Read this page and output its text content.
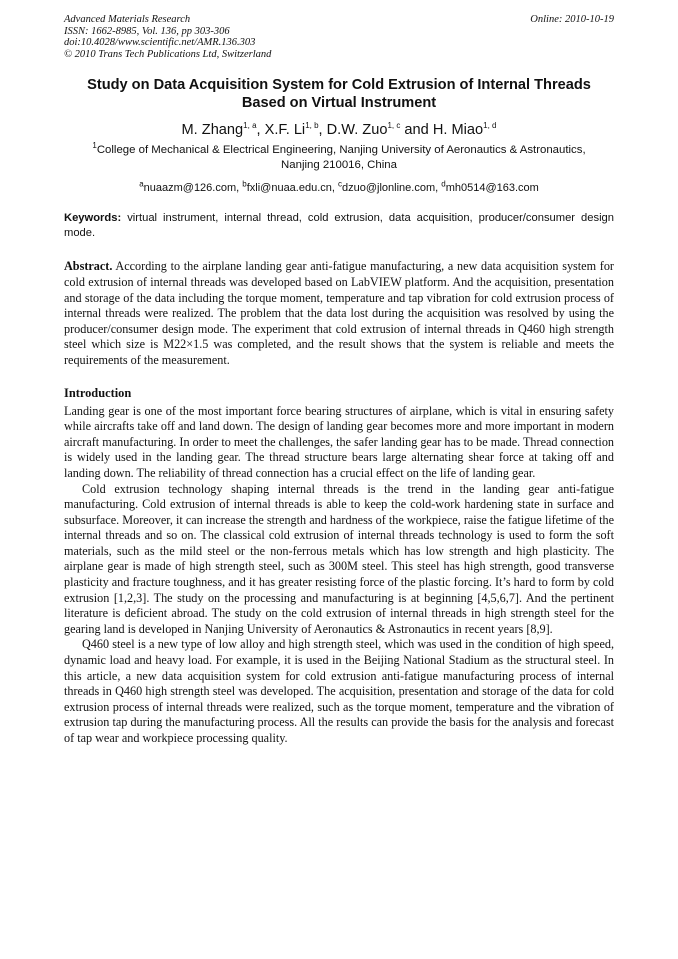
Advanced Materials Research
ISSN: 1662-8985, Vol. 136, pp 303-306
doi:10.4028/www.scientific.net/AMR.136.303
© 2010 Trans Tech Publications Ltd, Switzerland
Online: 2010-10-19
Study on Data Acquisition System for Cold Extrusion of Internal Threads Based on Virtual Instrument
M. Zhang$^{1, a}$, X.F. Li$^{1, b}$, D.W. Zuo$^{1, c}$ and H. Miao$^{1, d}$
$^1$College of Mechanical & Electrical Engineering, Nanjing University of Aeronautics & Astronautics,
Nanjing 210016, China
$^a$nuaazm@126.com, $^b$fxli@nuaa.edu.cn, $^c$dzuo@jlonline.com, $^d$mh0514@163.com
Keywords: virtual instrument, internal thread, cold extrusion, data acquisition, producer/consumer design mode.
Abstract. According to the airplane landing gear anti-fatigue manufacturing, a new data acquisition system for cold extrusion of internal threads was developed based on LabVIEW platform. And the acquisition, presentation and storage of the data including the torque moment, temperature and tap vibration for cold extrusion process of internal threads were realized. The problem that the data lost during the acquisition was resolved by using the producer/consumer design mode. The experiment that cold extrusion of internal threads in Q460 high strength steel which size is M22×1.5 was completed, and the result shows that the system is reliable and meets the requirements of the measurement.
Introduction
Landing gear is one of the most important force bearing structures of airplane, which is vital in ensuring safety while aircrafts take off and land down. The design of landing gear becomes more and more important in modern aircraft manufacturing. In order to meet the challenges, the safer landing gear has to be made. Thread connection is widely used in the landing gear. The thread structure bears large alternating shear force at taking off and landing down. The reliability of thread connection has a crucial effect on the life of landing gear.
Cold extrusion technology shaping internal threads is the trend in the landing gear anti-fatigue manufacturing. Cold extrusion of internal threads is able to keep the cold-work hardening state in surface and subsurface. Moreover, it can increase the strength and hardness of the workpiece, raise the fatigue lifetime of the internal threads and so on. The classical cold extrusion of internal threads technology is used to form the soft materials, such as the mild steel or the non-ferrous metals which has low strength and high plasticity. The airplane gear is made of high strength steel, such as 300M steel. This steel has high strength, good transverse plasticity and fracture toughness, and it has greater resisting force of the plastic forcing. It’s hard to form by cold extrusion [1,2,3]. The study on the processing and manufacturing is at beginning [4,5,6,7]. And the pertinent literature is deficient abroad. The study on the cold extrusion of internal threads in high strength steel for the gearing land is developed in Nanjing University of Aeronautics & Astronautics in recent years [8,9].
Q460 steel is a new type of low alloy and high strength steel, which was used in the condition of high speed, dynamic load and heavy load. For example, it is used in the Beijing National Stadium as the structural steel. In this article, a new data acquisition system for cold extrusion anti-fatigue manufacturing process of internal threads in Q460 high strength steel was developed. The acquisition, presentation and storage of the data for cold extrusion process of internal threads were realized, such as the torque moment, temperature and the vibration of extrusion tap during the manufacturing process. All the results can provide the basis for the analysis and forecast of tap wear and workpiece processing quality.
